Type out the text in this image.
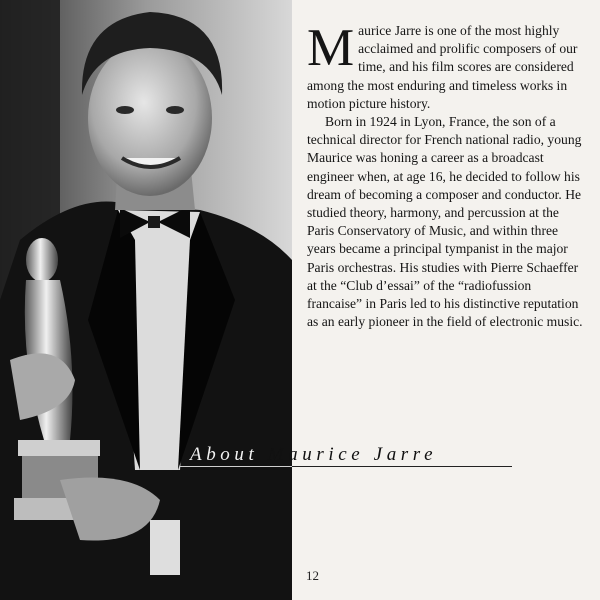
Maurice Jarre is one of the most highly acclaimed and prolific composers of our time, and his film scores are considered among the most enduring and timeless works in motion picture history.

Born in 1924 in Lyon, France, the son of a technical director for French national radio, young Maurice was honing a career as a broadcast engineer when, at age 16, he decided to follow his dream of becoming a composer and conductor. He studied theory, harmony, and percussion at the Paris Conservatory of Music, and within three years became a principal tympanist in the major Paris orchestras. His studies with Pierre Schaeffer at the “Club d’essai” of the “radiofussion francaise” in Paris led to his distinctive reputation as an early pioneer in the field of electronic music.

About Maurice Jarre
12
